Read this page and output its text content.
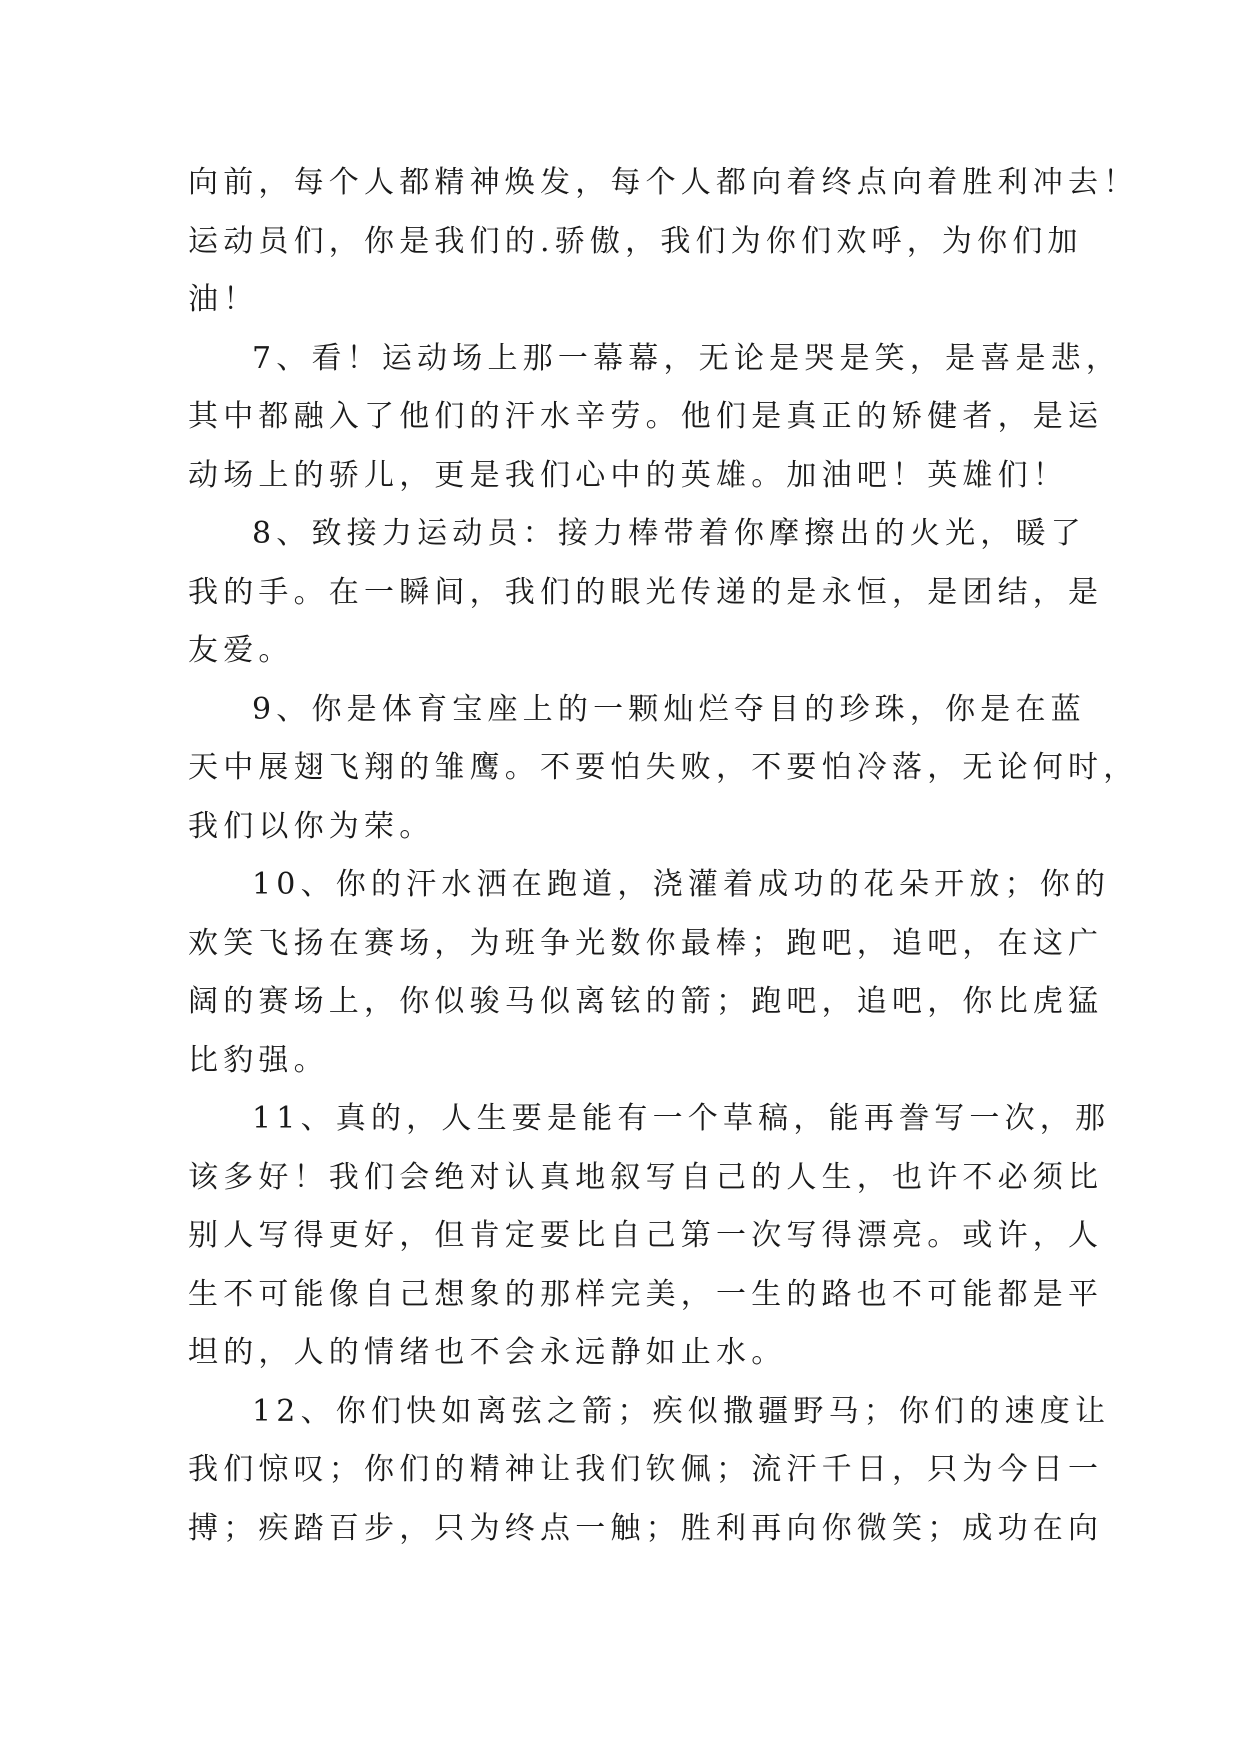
向前，每个人都精神焕发，每个人都向着终点向着胜利冲去！
运动员们，你是我们的.骄傲，我们为你们欢呼，为你们加
油！

7、看！运动场上那一幕幕，无论是哭是笑，是喜是悲，
其中都融入了他们的汗水辛劳。他们是真正的矫健者，是运
动场上的骄儿，更是我们心中的英雄。加油吧！英雄们！

8、致接力运动员：接力棒带着你摩擦出的火光，暖了
我的手。在一瞬间，我们的眼光传递的是永恒，是团结，是
友爱。

9、你是体育宝座上的一颗灿烂夺目的珍珠，你是在蓝
天中展翅飞翔的雏鹰。不要怕失败，不要怕冷落，无论何时，
我们以你为荣。

10、你的汗水洒在跑道，浇灌着成功的花朵开放；你的
欢笑飞扬在赛场，为班争光数你最棒；跑吧，追吧，在这广
阔的赛场上，你似骏马似离铉的箭；跑吧，追吧，你比虎猛
比豹强。

11、真的，人生要是能有一个草稿，能再誊写一次，那
该多好！我们会绝对认真地叙写自己的人生，也许不必须比
别人写得更好，但肯定要比自己第一次写得漂亮。或许，人
生不可能像自己想象的那样完美，一生的路也不可能都是平
坦的，人的情绪也不会永远静如止水。

12、你们快如离弦之箭；疾似撒疆野马；你们的速度让
我们惊叹；你们的精神让我们钦佩；流汗千日，只为今日一
搏；疾踏百步，只为终点一触；胜利再向你微笑；成功在向
